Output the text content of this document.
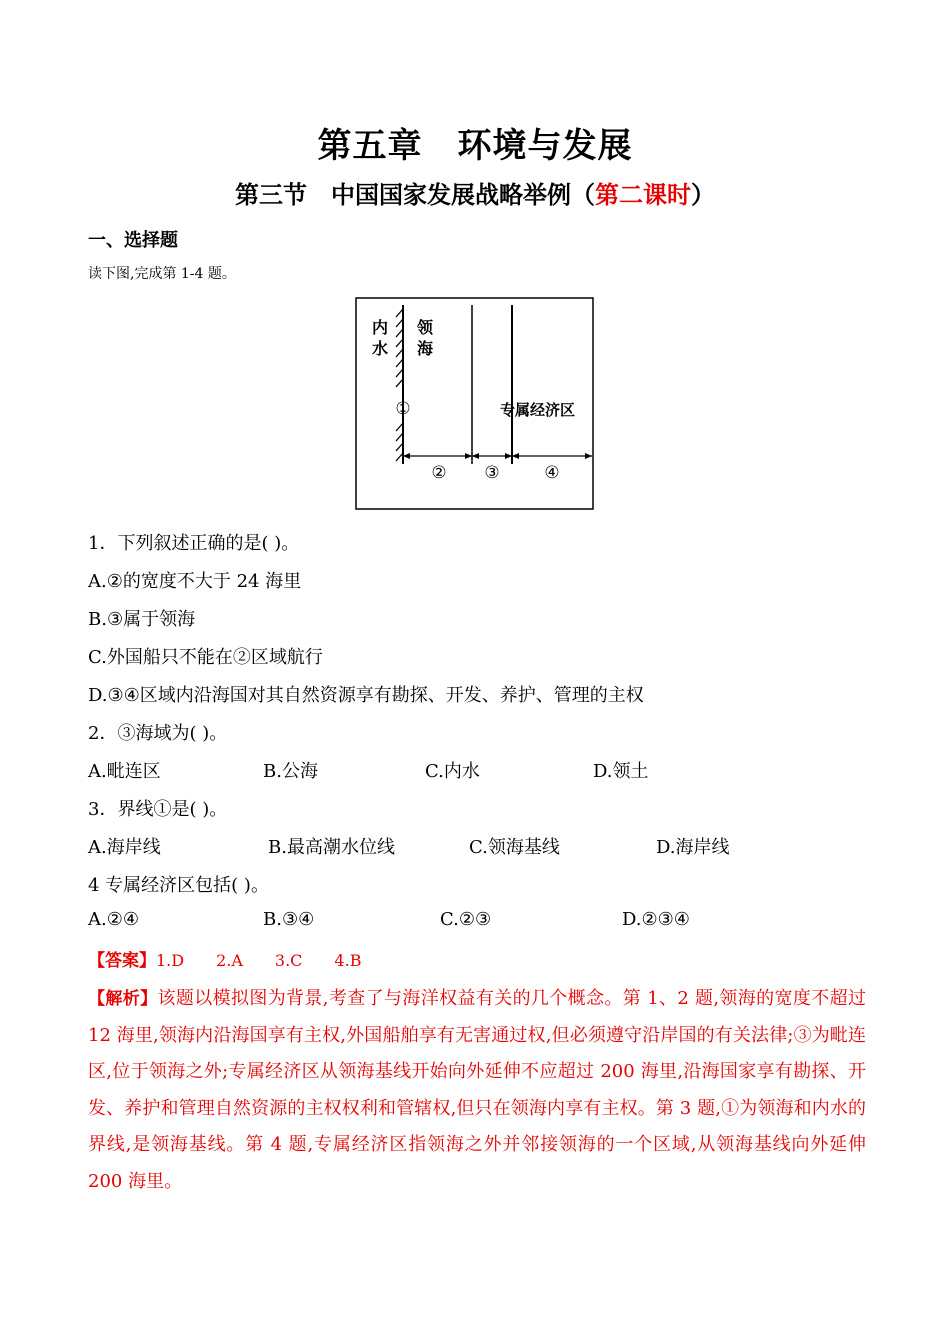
第五章　环境与发展
第三节　中国国家发展战略举例（第二课时）
一、选择题
读下图,完成第 1-4 题。
内
水
领
海
专属经济区
①
② ③	④
1．下列叙述正确的是( )。
A.②的宽度不大于 24 海里
B.③属于领海
C.外国船只不能在②区域航行
D.③④区域内沿海国对其自然资源享有勘探、开发、养护、管理的主权
2．③海域为( )。
A.毗连区	B.公海	C.内水	D.领土
3．界线①是( )。
A.海岸线	B.最高潮水位线	C.领海基线	D.海岸线
4 专属经济区包括( )。
A.②④	B.③④	C.②③	D.②③④
【答案】1.D　　2.A　　3.C　　4.B
【解析】该题以模拟图为背景,考查了与海洋权益有关的几个概念。第 1、2 题,领海的宽度不超过 12 海里,领海内沿海国享有主权,外国船舶享有无害通过权,但必须遵守沿岸国的有关法律;③为毗连区,位于领海之外;专属经济区从领海基线开始向外延伸不应超过 200 海里,沿海国家享有勘探、开发、养护和管理自然资源的主权权利和管辖权,但只在领海内享有主权。第 3 题,①为领海和内水的界线,是领海基线。第 4 题,专属经济区指领海之外并邻接领海的一个区域,从领海基线向外延伸 200 海里。
